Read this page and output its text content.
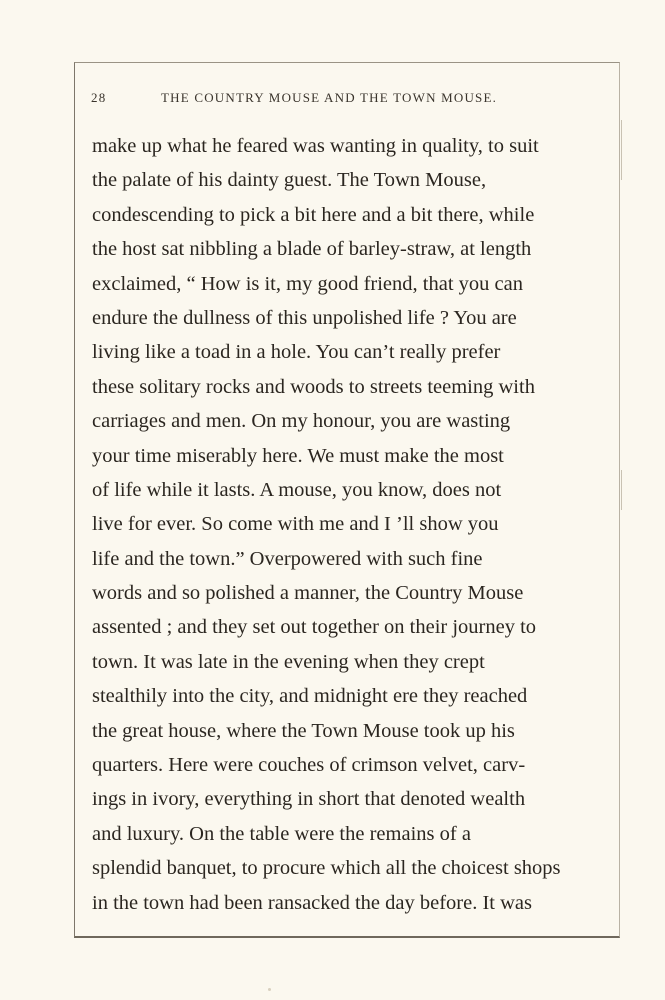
28	THE COUNTRY MOUSE AND THE TOWN MOUSE.
make up what he feared was wanting in quality, to suit
the palate of his dainty guest. The Town Mouse,
condescending to pick a bit here and a bit there, while
the host sat nibbling a blade of barley-straw, at length
exclaimed, “ How is it, my good friend, that you can
endure the dullness of this unpolished life ? You are
living like a toad in a hole. You can’t really prefer
these solitary rocks and woods to streets teeming with
carriages and men. On my honour, you are wasting
your time miserably here. We must make the most
of life while it lasts. A mouse, you know, does not
live for ever. So come with me and I ’ll show you
life and the town.” Overpowered with such fine
words and so polished a manner, the Country Mouse
assented ; and they set out together on their journey to
town. It was late in the evening when they crept
stealthily into the city, and midnight ere they reached
the great house, where the Town Mouse took up his
quarters. Here were couches of crimson velvet, carv-
ings in ivory, everything in short that denoted wealth
and luxury. On the table were the remains of a
splendid banquet, to procure which all the choicest shops
in the town had been ransacked the day before. It was
